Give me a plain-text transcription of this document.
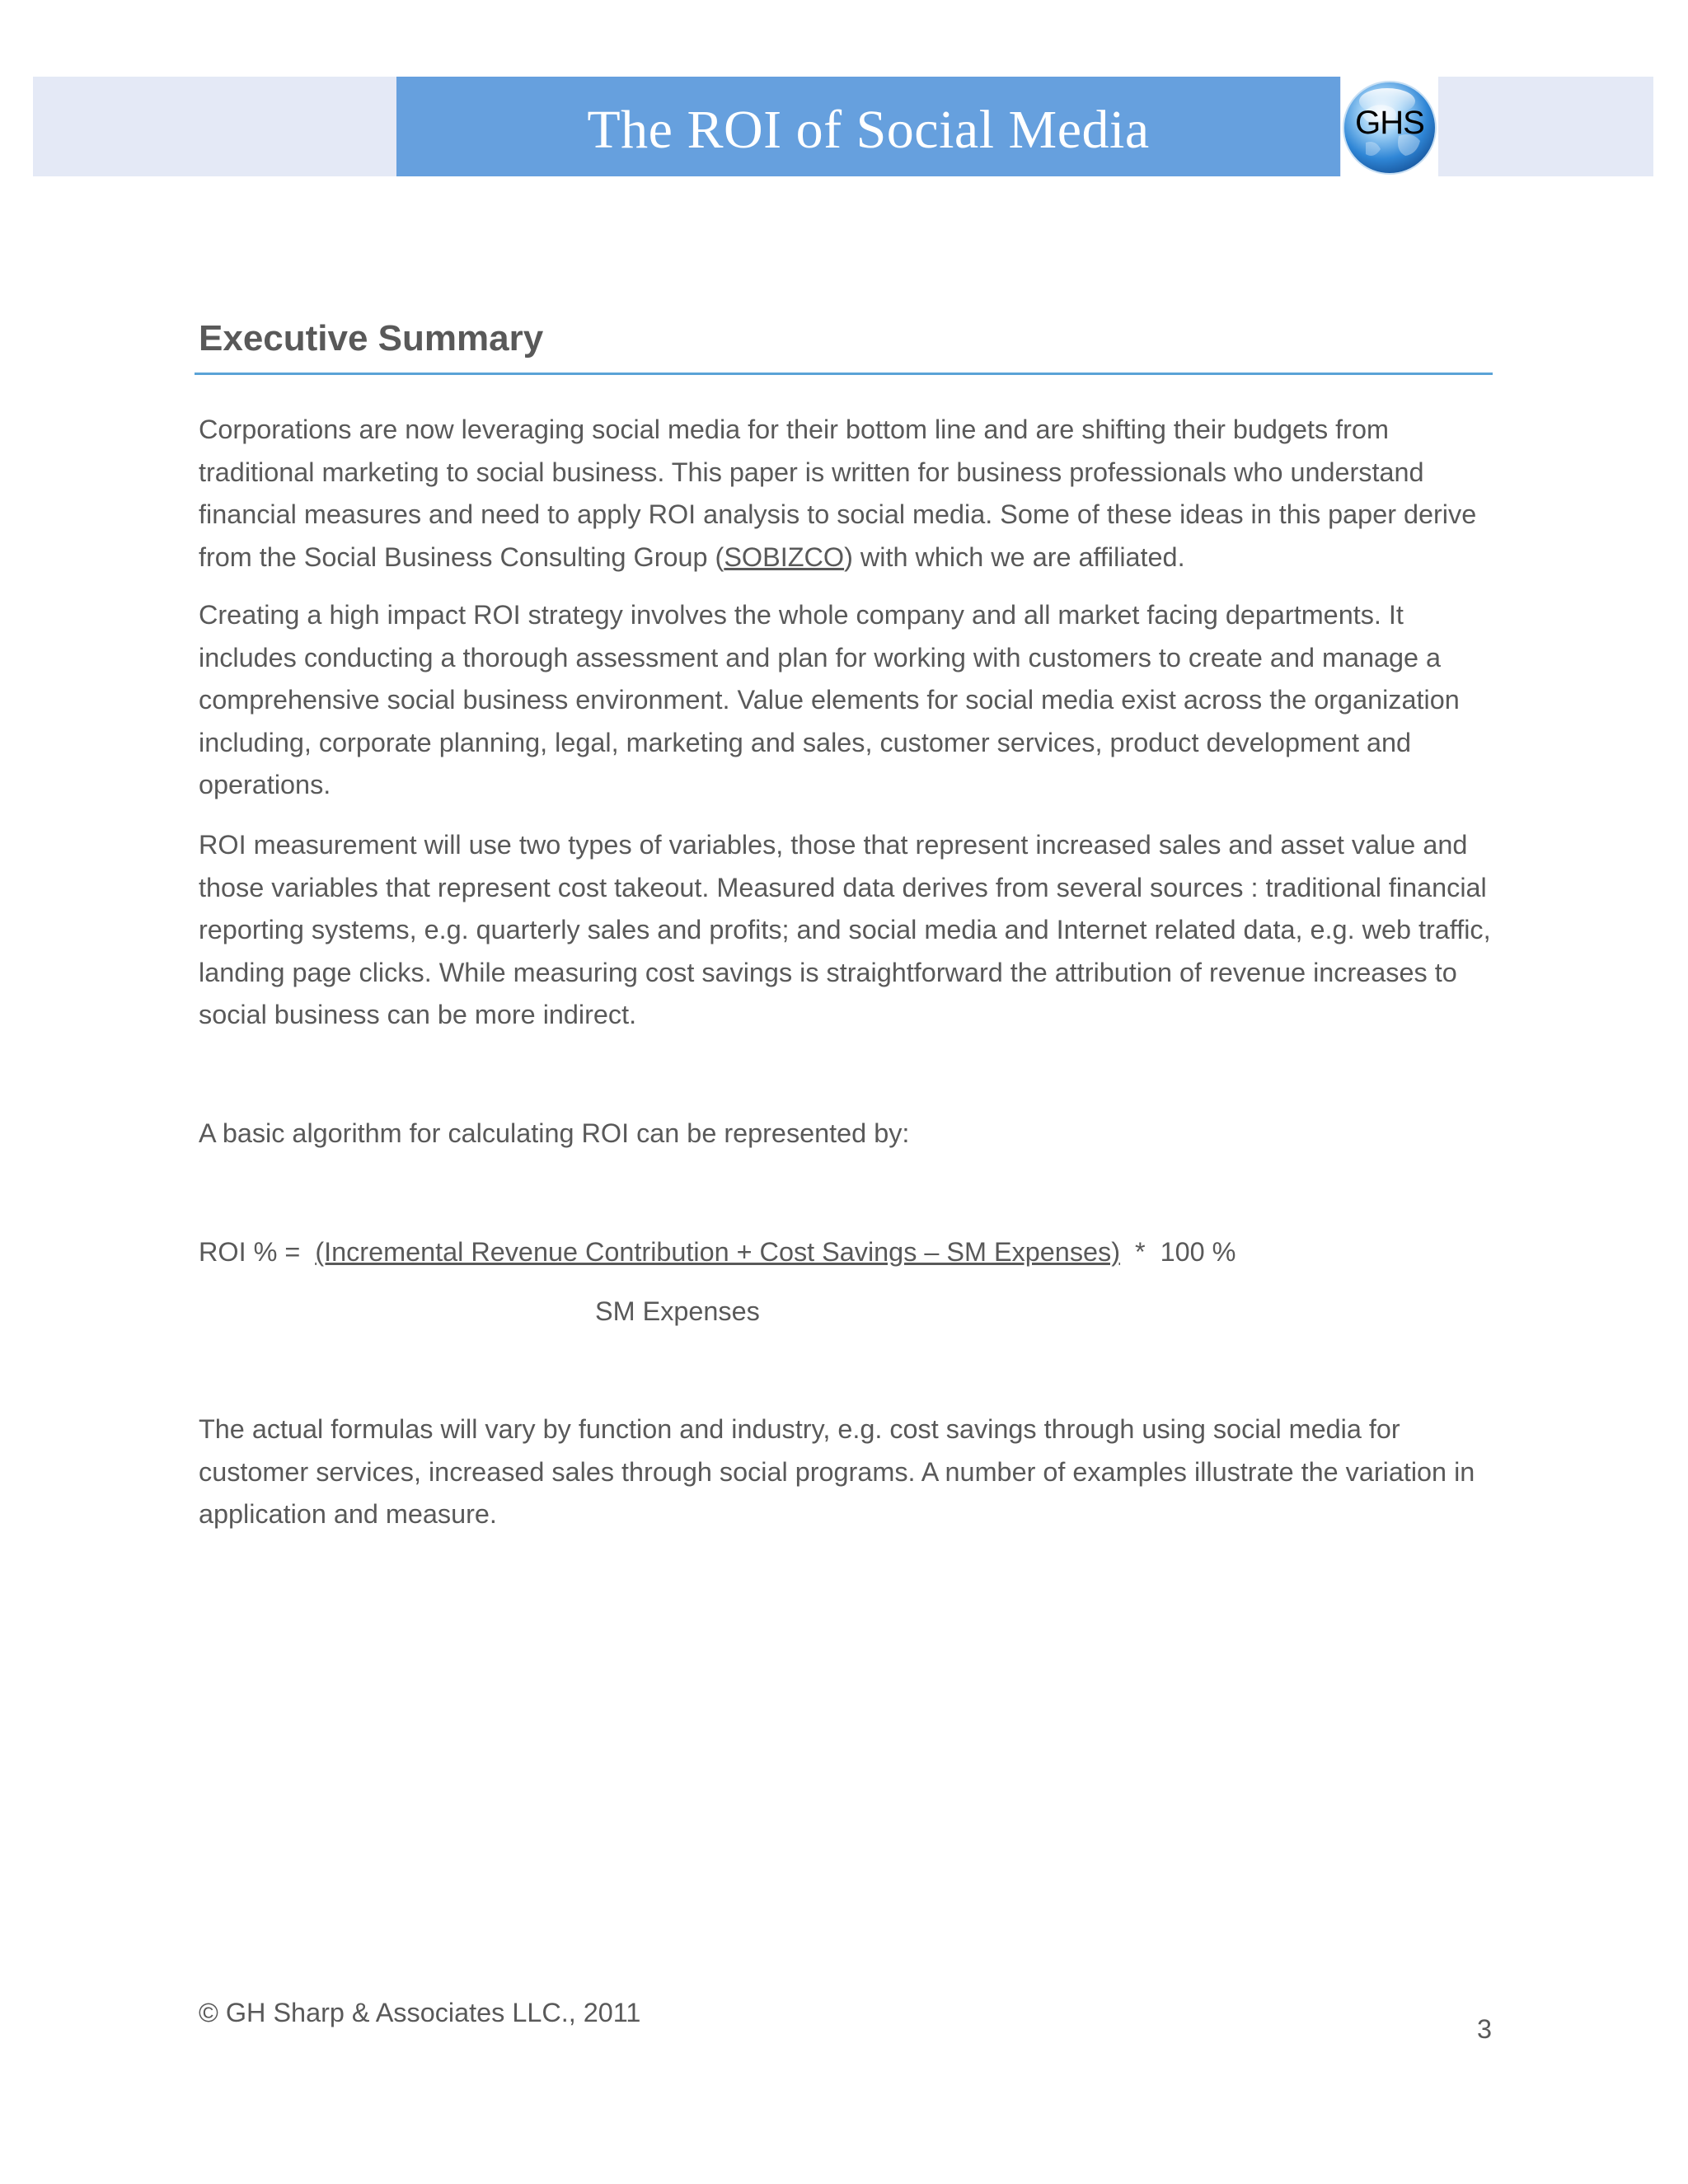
The ROI of Social Media	GHS
Executive Summary

Corporations are now leveraging social media for their bottom line and are shifting their budgets from traditional marketing to social business. This paper is written for business professionals who understand financial measures and need to apply ROI analysis to social media. Some of these ideas in this paper derive from the Social Business Consulting Group (SOBIZCO) with which we are affiliated.

Creating a high impact ROI strategy involves the whole company and all market facing departments. It includes conducting a thorough assessment and plan for working with customers to create and manage a comprehensive social business environment. Value elements for social media exist across the organization including, corporate planning, legal, marketing and sales, customer services, product development and operations.

ROI measurement will use two types of variables, those that represent increased sales and asset value and those variables that represent cost takeout. Measured data derives from several sources : traditional financial reporting systems, e.g. quarterly sales and profits; and social media and Internet related data, e.g. web traffic, landing page clicks. While measuring cost savings is straightforward the attribution of revenue increases to social business can be more indirect.

A basic algorithm for calculating ROI can be represented by:

ROI % =  (Incremental Revenue Contribution + Cost Savings – SM Expenses)  *  100 %
SM Expenses

The actual formulas will vary by function and industry, e.g. cost savings through using social media for customer services, increased sales through social programs. A number of examples illustrate the variation in application and measure.

© GH Sharp & Associates LLC., 2011
3
